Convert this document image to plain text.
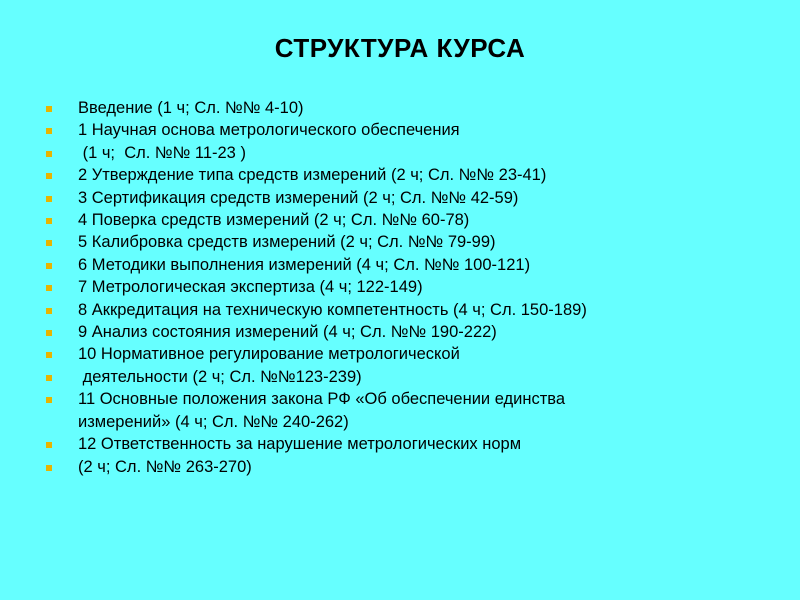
СТРУКТУРА КУРСА
Введение (1 ч; Сл. №№ 4-10)
1 Научная основа метрологического обеспечения
(1 ч;  Сл. №№ 11-23 )
2 Утверждение типа средств измерений (2 ч; Сл. №№ 23-41)
3 Сертификация средств измерений (2 ч; Сл. №№ 42-59)
4 Поверка средств измерений (2 ч; Сл. №№ 60-78)
5 Калибровка средств измерений (2 ч; Сл. №№ 79-99)
6 Методики выполнения измерений (4 ч; Сл. №№ 100-121)
7 Метрологическая экспертиза (4 ч; 122-149)
8 Аккредитация на техническую компетентность (4 ч; Сл. 150-189)
9 Анализ состояния измерений (4 ч; Сл. №№ 190-222)
10 Нормативное регулирование метрологической
деятельности (2 ч; Сл. №№123-239)
11 Основные положения закона РФ «Об обеспечении единства
измерений» (4 ч; Сл. №№ 240-262)
12 Ответственность за нарушение метрологических норм
(2 ч; Сл. №№ 263-270)
